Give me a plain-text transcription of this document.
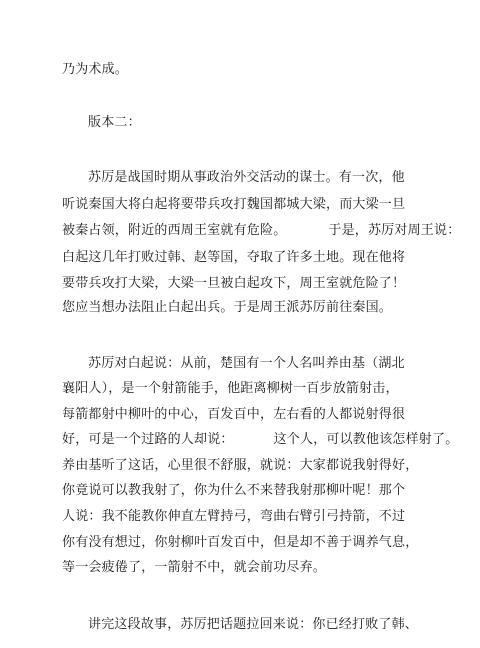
乃为术成。
版本二：
苏厉是战国时期从事政治外交活动的谋士。有一次，他
听说秦国大将白起将要带兵攻打魏国都城大梁，而大梁一旦
被秦占领，附近的西周王室就有危险。	于是，苏厉对周王说：
白起这几年打败过韩、赵等国，夺取了许多土地。现在他将
要带兵攻打大梁，大梁一旦被白起攻下，周王室就危险了！
您应当想办法阻止白起出兵。于是周王派苏厉前往秦国。
苏厉对白起说：从前，楚国有一个人名叫养由基（湖北
襄阳人），是一个射箭能手，他距离柳树一百步放箭射击，
每箭都射中柳叶的中心，百发百中，左右看的人都说射得很
好，可是一个过路的人却说：	这个人，可以教他该怎样射了。
养由基听了这话，心里很不舒服，就说：大家都说我射得好，
你竟说可以教我射了，你为什么不来替我射那柳叶呢！那个
人说：我不能教你伸直左臂持弓，弯曲右臂引弓持箭，不过
你有没有想过，你射柳叶百发百中，但是却不善于调养气息，
等一会疲倦了，一箭射不中，就会前功尽弃。
讲完这段故事，苏厉把话题拉回来说：你已经打败了韩、
